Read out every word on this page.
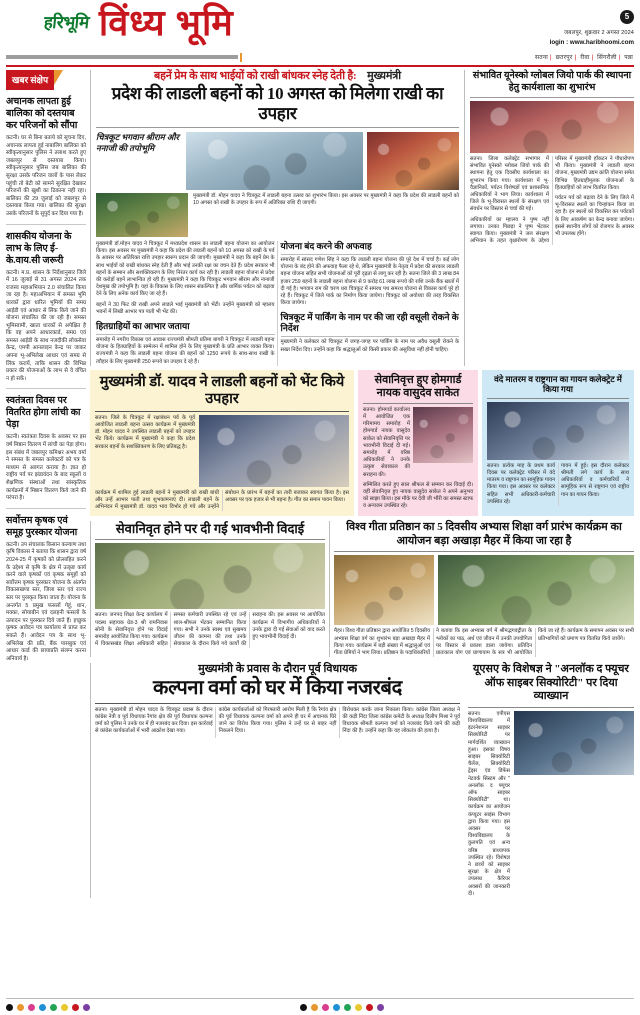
हरिभूमि विंध्य भूमि	5
जबलपुर, शुक्रवार 2 अगस्त 2024
login : www.haribhoomi.com
सतना | छतरपुर | रीवा | सिंगरौली | पन्ना
खबर संक्षेप
अचानक लापता हुई बालिका को दस्तयाब कर परिजनों को सौंपा
कटनी। घर से बिना बताये को सूचना दिए, अचानक लापता हुई नाबालिग बालिका को स्वीकृत्यानुसार पुलिस ने तलाश करते हुए जबलपुर से दस्तयाब किया। स्वीकृत्यानुसार पुलिस जब बालिका की सुरक्षा उसके परिजन वालों के पास लेकर पहुंची तो बेटी को सामने सुरक्षित देखकर परिजनों की खुशी का ठिकाना नहीं रहा। बालिका की 29 जुलाई को जबलपुर से दस्तयाब किया गया। बालिका की सुरक्षा उसके परिजनों के सुपुर्द कर दिया गया है।
शासकीय योजना के लाभ के लिए ई-के.वाय.सी जरूरी
कटनी। म.प्र. शासन के निर्देशानुसार जिले में 16 जुलाई से 31 अगस्त 2024 तक राजस्व महाअभियान 2.0 संचालित किया जा रहा है। महाअभियान में समस्त भूमि धारकों द्वारा धारित भूमियों की समग्र आईडी एवं आधार से लिंक किये जाने की योजना संचालित की जा रही है। समस्त भूमिस्वामी, खाता धारकों से अपेक्षित है कि वह अपने आधारकार्ड, समग्र एवं समस्त आईडी के साथ नजदीकी लोकसेवा केन्द्र, एमपी आनलाइन केन्द्र पर जाकर अपना भू-अभिलेख आधार एवं समग्र से लिंक करायें, ताकि शासन की विभिन्न प्रकार की योजनाओं के लाभ से वे वंचित न हो सकें।
स्वतंत्रता दिवस पर वितरित होगा लांची का पेड़ा
कटनी। स्वतंत्रता दिवस के अवसर पर इस वर्ष मिष्ठान वितरण में लांची का पेड़ा होगा। इस संबंध में जबलपुर कमिश्नर अभय वर्मा ने समस्त के समस्त कलेक्टरों को पत्र के माध्यम से अवगत कराया है। ज्ञात हो राष्ट्रीय पर्व पर झंडावंदन के बाद स्कूलों व शैक्षणिक संस्थाओं तथा सांस्कृतिक कार्यक्रमों में मिष्ठान वितरण किये जाने की परंपरा है।
सर्वोत्तम कृषक एवं समूह पुरस्कार योजना
कटनी। उप संचालक किसान कल्याण तथा कृषि विकास ने बताया कि शासन द्वारा वर्ष 2024-25 में कृषकों को प्रोत्साहित करने के उद्देश्य से कृषि के क्षेत्र में उत्कृष्ट कार्य करने वाले कृषकों एवं कृषक समूहों को सर्वोत्तम कृषक पुरस्कार योजना के अंतर्गत विकासखण्ड स्तर, जिला स्तर एवं राज्य स्तर पर पुरस्कृत किया जाता है। योजना के अन्तर्गत 5 प्रमुख फसलों गेहूं, धान, मक्का, सोयाबीन एवं दलहनी फसलों के उत्पादन पर पुरस्कार दिये जाते हैं। इच्छुक कृषक आवेदन पत्र कार्यालय से प्राप्त कर सकते हैं। आवेदन पत्र के साथ भू-अभिलेख की प्रति, बैंक पासबुक एवं आधार कार्ड की छायाप्रति संलग्न करना अनिवार्य है।
बहनें प्रेम के साथ भाईयों को राखी बांधकर स्नेह देती है: मुख्यमंत्री
प्रदेश की लाडली बहनों को 10 अगस्त को मिलेगा राखी का उपहार
चित्रकूट भगवान श्रीराम और ननाजी की तपोभूमि
मुख्यमंत्री डॉ. मोहन यादव ने चित्रकूट में लाडली बहना उत्सव का शुभारंभ किया। इस अवसर पर मुख्यमंत्री ने कहा कि प्रदेश की लाडली बहनों को 10 अगस्त को राखी के उपहार के रूप में अतिरिक्त राशि दी जाएगी।
मुख्यमंत्री डॉ.मोहन यादव ने चित्रकूट में मध्यप्रदेश शासन का लाडली बहना योजना का आयोजन किया। इस अवसर पर मुख्यमंत्री ने कहा कि प्रदेश की लाडली बहनों को 10 अगस्त को राखी के पर्व के अवसर पर अतिरिक्त राशि उपहार स्वरूप प्रदान की जाएगी। मुख्यमंत्री ने कहा कि बहनें प्रेम के साथ भाईयों को राखी बांधकर स्नेह देती हैं और भाई उनकी रक्षा का वचन देते हैं। प्रदेश सरकार भी बहनों के सम्मान और सशक्तिकरण के लिए निरंतर कार्य कर रही है। लाडली बहना योजना से प्रदेश की करोड़ों बहनें लाभान्वित हो रही हैं। मुख्यमंत्री ने कहा कि चित्रकूट भगवान श्रीराम और नानाजी देशमुख की तपोभूमि है। यहां के विकास के लिए शासन संकल्पित है और धार्मिक पर्यटन को बढ़ावा देने के लिए अनेक कार्य किए जा रहे हैं।
बहनों ने 30 फिट की राखी अपने लाडले भाई मुख्यमंत्री को भेंटी। उन्होंने मुख्यमंत्री को म्हालय भवनों में लिखी आभार पत्र पाती भी भेंट की।
हितग्राहियों का आभार जताया
समारोह में नगरीय विकास एवं आवास राज्यमंत्री श्रीमती प्रतिमा बागरी ने चित्रकूट में लाडली बहना योजना के हितग्राहियों के सम्मेलन में शामिल होने के लिए मुख्यमंत्री के प्रति आभार व्यक्त किया। राज्यमंत्री ने कहा कि लाडली बहना योजना की बहनों को 1250 रूपये के साथ-साथ राखी के त्यौहार के लिए मुख्यमंत्री 250 रूपये का उपहार दे रहे हैं।
योजना बंद करने की अफवाह
समारोह में सांसद गणेश सिंह ने कहा कि लाडली बहना योजना की पूरे देश में चर्चा है। कई लोग योजना के बंद होने की अफवाह फैला रहे थे, लेकिन मुख्यमंत्री के नेतृत्व में प्रदेश की सरकार लाडली बहना योजना सहित सभी योजनाओं को पूरी दृढ़ता से लागू कर रही है। सतना जिले की 3 लाख 84 हजार 259 बहनों के लाडली बहना योजना से 9 करोड़ 61 लाख रूपये की राशि उनके बैंक खातों में दी गई है। भगवान राम की चरण धरा चित्रकूट में समरथ पथ समरथ योजना से विकास कार्य पूरे हो रहे हैं। चित्रकूट में जिले पार्क का निर्माण किया जायेगा। चित्रकूट को अयोध्या की तरह विकसित किया जायेगा।
चित्रकूट में पार्किंग के नाम पर की जा रही वसूली रोकने के निर्देश
मुख्यमंत्री ने कलेक्टर को चित्रकूट में जगह-जगह पर पार्किंग के नाम पर अवैध वसूली रोकने के सख्त निर्देश दिए। उन्होंने कहा कि श्रद्धालुओं को किसी प्रकार की असुविधा नहीं होनी चाहिए।
संभावित यूनेस्को ग्लोबल जियो पार्क की स्थापना हेतु कार्यशाला का शुभारंभ
सतना। जिला कलेक्ट्रेट सभागार में संभावित यूनेस्को ग्लोबल जियो पार्क की स्थापना हेतु एक दिवसीय कार्यशाला का शुभारंभ किया गया। कार्यशाला में भू-वैज्ञानिकों, पर्यटन विशेषज्ञों एवं प्रशासनिक अधिकारियों ने भाग लिया। कार्यशाला में जिले के भू-विरासत स्थलों के संरक्षण एवं संवर्धन पर विस्तार से चर्चा की गई।
अधिकारियों का म्हालय ने पुष्प नहीं लगाया। उनका पिछड़ा ने पुष्प भेंटकर स्वागत किया। मुख्यमंत्री ने जल संरक्षण अभियान के तहत वृक्षारोपण के उद्देश्य परिसर में मुख्यमंत्री हाँकटन ने पौधारोपण भी किया। मुख्यमंत्री ने लाडली बहना योजना, मुख्यमंत्री उद्यम क्रांति योजना समेत विभिन्न हितग्राहीमूलक योजनाओं के हितग्राहियों को लाभ वितरित किया।
पर्यटन पर्व को बढ़ावा देने के लिए जिले में भू-विरासत स्थलों का चिन्हांकन किया जा रहा है। इन स्थलों को विकसित कर पर्यटकों के लिए आकर्षण का केन्द्र बनाया जायेगा। इससे स्थानीय लोगों को रोजगार के अवसर भी उपलब्ध होंगे।
मुख्यमंत्री डॉ. यादव ने लाडली बहनों को भेंट किये उपहार
सतना। जिले के चित्रकूट में रक्षाबंधन पर्व के पूर्व आयोजित लाडली बहना उत्सव कार्यक्रम में मुख्यमंत्री डॉ. मोहन यादव ने उपस्थित लाडली बहनों को उपहार भेंट किये। कार्यक्रम में मुख्यमंत्री ने कहा कि प्रदेश सरकार बहनों के सशक्तिकरण के लिए प्रतिबद्ध है।
कार्यक्रम में शामिल हुई लाडली बहनों ने मुख्यमंत्री को राखी बांधी और उन्हें आभार पाती तथा शुभकामनाएं दीं। लाडली बहनें के अभिनंदन में मुख्यमंत्री डॉ. यादव भाव विभोर हो गये और उन्होंने संबोधन के प्रारंभ में बहनों का तारी बजाकर स्वागत किया है। इस अवसर पर एक हजार से भी बहना है। गीत का समान पावन किया।
सेवानिवृत्त हुए होमगार्ड नायक वासुदेव साकेत
सतना। होमगार्ड कार्यालय में आयोजित एक गरिमामय समारोह में होमगार्ड नायक वासुदेव साकेत को सेवानिवृत्ति पर भावभीनी विदाई दी गई। समारोह में वरिष्ठ अधिकारियों ने उनके उत्कृष्ट सेवाकाल की सराहना की।
सम्मिलित करते हुए साल श्रीफल से सम्मान कर विदाई दी। वहीं सेवानिवृत्त हुए नायक वासुदेव साकेत ने अपने अनुभव को साझा किया। इस मौके पर देवी जी भौंरी का समस्त स्टाफ व अन्यजन उपस्थित रहे।
वंदे मातरम व राष्ट्रगान का गायन कलेक्ट्रेट में किया गया
सतना। प्रत्येक माह के प्रथम कार्य दिवस पर कलेक्ट्रेट परिसर में वंदे मातरम व राष्ट्रगान का सामूहिक गायन किया गया। इस अवसर पर कलेक्टर सहित सभी अधिकारी-कर्मचारी उपस्थित रहे।
गायन में हुई। इस दौरान कलेक्टर श्रीमती लगे कार्य के साथ अधिकारियों व कर्मचारियों ने सामूहिक रूप से राष्ट्रगान एवं राष्ट्रीय गान का गायन किया।
सेवानिवृत होने पर दी गई भावभीनी विदाई
सतना। जनपद शिक्षा केन्द्र कार्यालय में पदस्थ सहायक ग्रेड-3 श्री रामनिवास सोनी के सेवानिवृत्त होने पर विदाई समारोह आयोजित किया गया। कार्यक्रम में विकासखंड शिक्षा अधिकारी सहित समस्त कर्मचारी उपस्थित रहे एवं उन्हें शाल-श्रीफल भेंटकर सम्मानित किया गया। सभी ने उनके स्वस्थ एवं सुखमय जीवन की कामना की तथा उनके सेवाकाल के दौरान किये गये कार्यों की सराहना की। इस अवसर पर आयोजित कार्यक्रम में विभागीय अधिकारियों ने उनके द्वारा दी गई सेवाओं को याद करते हुए भावभीनी विदाई दी।
विश्व गीता प्रतिष्ठान का 5 दिवसीय अभ्यास शिक्षा वर्ग प्रारंभ कार्यक्रम का आयोजन बड़ा अखाड़ा मैहर में किया जा रहा है
मैहर। विश्व गीता प्रतिष्ठान द्वारा आयोजित 5 दिवसीय अभ्यास शिक्षा वर्ग का शुभारंभ बड़ा अखाड़ा मैहर में किया गया। कार्यक्रम में बड़ी संख्या में श्रद्धालुओं एवं गीता प्रेमियों ने भाग लिया। प्रतिष्ठान के पदाधिकारियों ने बताया कि इस अभ्यास वर्ग में श्रीमद्भगवद्गीता के श्लोकों का पाठ, अर्थ एवं जीवन में उनकी उपयोगिता पर विस्तार से प्रकाश डाला जायेगा। प्रतिदिन प्रातःकाल योग एवं प्राणायाम के सत्र भी आयोजित किये जा रहे हैं। कार्यक्रम के समापन अवसर पर सभी प्रतिभागियों को प्रमाण पत्र वितरित किये जायेंगे।
मुख्यमंत्री के प्रवास के दौरान पूर्व विधायक
कल्पना वर्मा को घर में किया नजरबंद
सतना। मुख्यमंत्री डॉ मोहन यादव के चित्रकूट प्रवास के दौरान कांग्रेस नेत्री व पूर्व विधायक रैगांव क्षेत्र की पूर्व विधायक कल्पना वर्मा को पुलिस ने उनके घर में ही नजरबंद कर दिया। इस कार्रवाई से कांग्रेस कार्यकर्ताओं में भारी आक्रोश देखा गया।
कांग्रेस कार्यकर्ताओं को गिरफ्तारी आरोप मिली है कि रैगांव क्षेत्र की पूर्व विधायक कल्पना वर्मा को अपने ही घर में अचानक घिरे जाने का विरोध किया गया। पुलिस ने उन्हें घर से बाहर नहीं निकलने दिया।
विरोधकर करके जाना निकाला किया। कांग्रेस जिला अध्यक्ष ने की कड़ी निंदा जिला कांग्रेस कमेटी के अध्यक्ष दिलीप मिश्रा ने पूर्व विधायक श्रीमती कल्पना वर्मा को नजरबंद किये जाने की कड़ी निंदा की है। उन्होंने कहा कि यह लोकतंत्र की हत्या है।
यूएसए के विशेषज्ञ ने "अनलॉक द फ्यूचर
ऑफ साइबर सिक्योरिटी" पर दिया व्याख्यान
सतना। एपीएस विश्वविद्यालय में इंटरनेशनल साइबर सिक्योरिटी पर मार्गदर्शित व्याख्यान हुआ। इसका विषय साइबर सिक्योरिटी चैलेंज, सिक्योरिटी ट्रेंड्स एंड डिफेंस नेटवर्क सिस्टम और " अनलॉक द फ्यूचर ऑफ साइबर सिक्योरिटी" था। कार्यक्रम का आयोजन कंप्यूटर साइंस विभाग द्वारा किया गया। इस अवसर पर विश्वविद्यालय के कुलपति एवं अन्य वरिष्ठ प्राध्यापक उपस्थित रहे। विशेषज्ञ ने छात्रों को साइबर सुरक्षा के क्षेत्र में उपलब्ध कैरियर अवसरों की जानकारी दी।
